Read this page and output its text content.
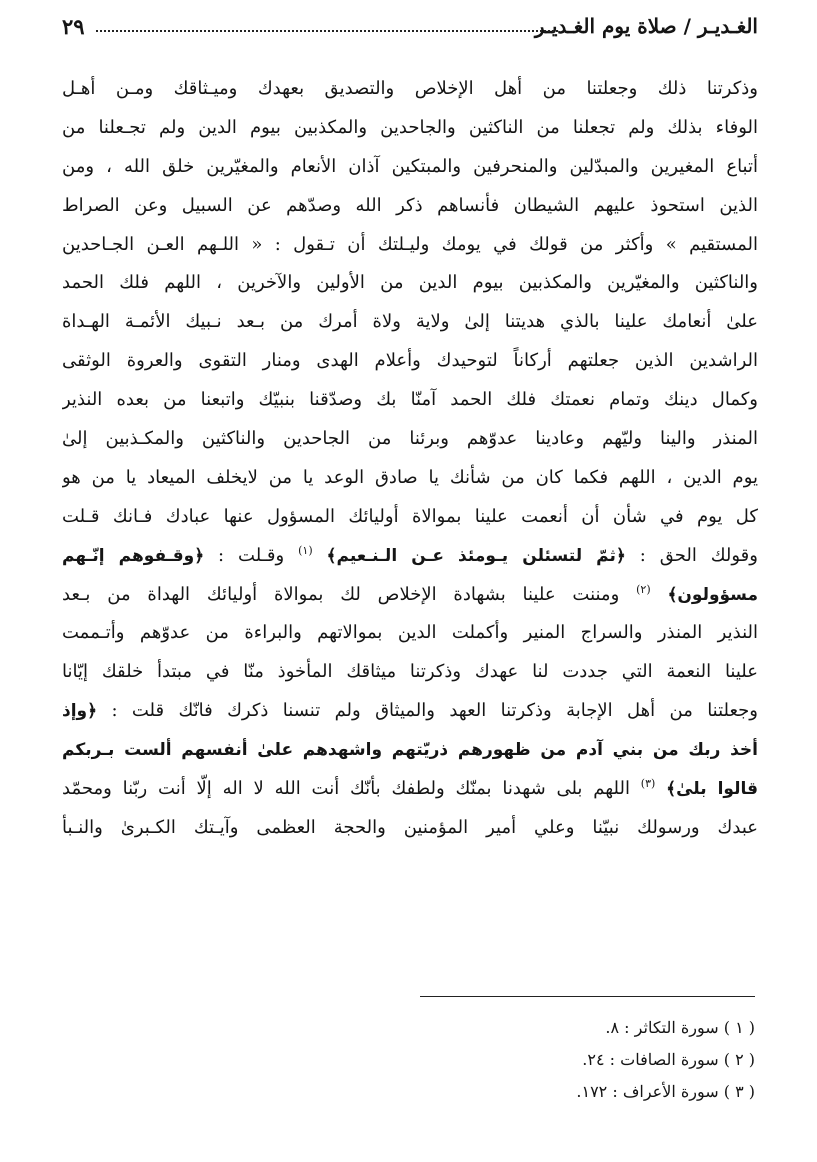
الغـديـر / صلاة يوم الغـديـر
٢٩
وذكرتنا ذلك وجعلتنا من أهل الإخلاص والتصديق بعهدك وميـثاقك ومـن أهـل
الوفاء بذلك ولم تجعلنا من الناكثين والجاحدين والمكذبين بيوم الدين ولم تجـعلنا من
أتباع المغيرين والمبدّلين والمنحرفين والمبتكين آذان الأنعام والمغيّرين خلق الله ، ومن
الذين استحوذ عليهم الشيطان فأنساهم ذكر الله وصدّهم عن السبيل وعن الصراط
المستقيم » وأكثر من قولك في يومك وليـلتك أن تـقول : « اللـهم العـن الجـاحدين
والناكثين والمغيّرين والمكذبين بيوم الدين من الأولين والآخرين ، اللهم فلك الحمد
علىٰ أنعامك علينا بالذي هديتنا إلىٰ ولاية ولاة أمرك من بـعد نـبيك الأئمـة الهـداة
الراشدين الذين جعلتهم أركاناً لتوحيدك وأعلام الهدى ومنار التقوى والعروة الوثقى
وكمال دينك وتمام نعمتك فلك الحمد آمنّا بك وصدّقنا بنبيّك واتبعنا من بعده النذير
المنذر والينا وليّهم وعادينا عدوّهم وبرئنا من الجاحدين والناكثين والمكـذبين إلىٰ
يوم الدين ، اللهم فكما كان من شأنك يا صادق الوعد يا من لايخلف الميعاد يا من هو
كل يوم في شأن أن أنعمت علينا بموالاة أوليائك المسؤول عنها عبادك فـانك قـلت
وقولك الحق : ﴿ثمّ لتسئلن يـومئذ عـن الـنـعيم﴾ $^{(١)}$ وقـلت : ﴿وقـفوهم إنّـهم
مسؤولون﴾ $^{(٢)}$ ومننت علينا بشهادة الإخلاص لك بموالاة أوليائك الهداة من بـعد
النذير المنذر والسراج المنير وأكملت الدين بموالاتهم والبراءة من عدوّهم وأتـممت
علينا النعمة التي جددت لنا عهدك وذكرتنا ميثاقك المأخوذ منّا في مبتدأ خلقك إيّانا
وجعلتنا من أهل الإجابة وذكرتنا العهد والميثاق ولم تنسنا ذكرك فانّك قلت : ﴿وإذ
أخذ ربك من بني آدم من ظهورهم ذريّتهم واشهدهم علىٰ أنفسهم ألست بـربكم
قالوا بلىٰ﴾ $^{(٣)}$ اللهم بلى شهدنا بمنّك ولطفك بأنّك أنت الله لا اله إلّا أنت ربّنا ومحمّد
عبدك ورسولك نبيّنا وعلي أمير المؤمنين والحجة العظمى وآيـتك الكـبرىٰ والنـبأ
( ١ ) سورة التكاثر : ٨.
( ٢ ) سورة الصافات : ٢٤.
( ٣ ) سورة الأعراف : ١٧٢.
